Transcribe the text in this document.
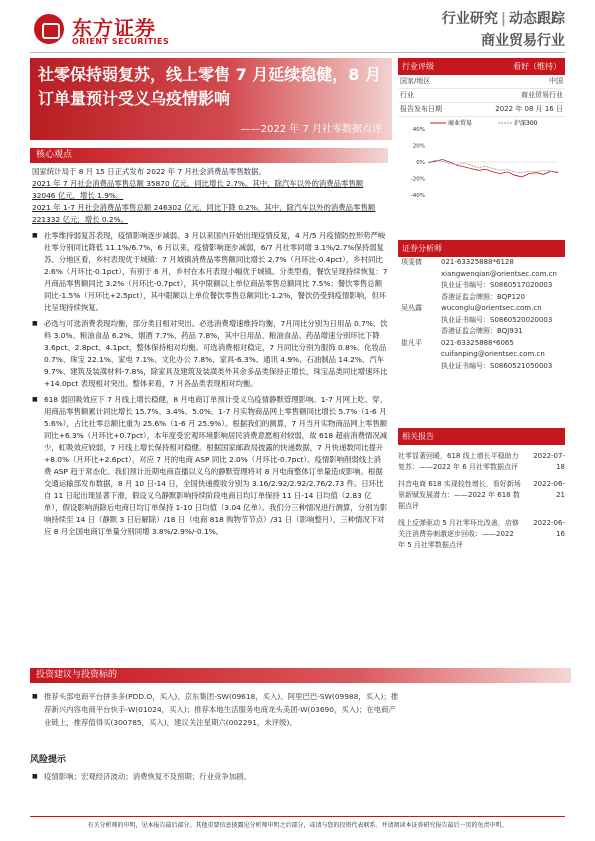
东方证券
ORIENT SECURITIES
行业研究 | 动态跟踪
商业贸易行业
社零保持弱复苏，线上零售 7 月延续稳健，8 月订单量预计受义乌疫情影响
——2022 年 7 月社零数据点评
行业评级	看好（维持）
国家/地区	中国
行业	商业贸易行业
报告发布日期	2022 年 08 月 16 日
商业贸易	沪深300
40%
20%
0%
-20%
-40%
核心观点

国家统计局于 8 月 15 日正式发布 2022 年 7 月社会消费品零售数据。

2021 年 7 月社会消费品零售总额 35870 亿元，同比增长 2.7%。其中，除汽车以外的消费品零售额 32046 亿元，增长 1.9%。

2021 年 1-7 月社会消费品零售总额 246302 亿元，同比下降 0.2%。其中，除汽车以外的消费品零售额 221332 亿元，增长 0.2%。

■ 社零维持弱复苏表现，疫情影响逐步减弱。3 月以来国内开始出现疫情反复，4 月/5 月疫情防控形势严峻社零分别同比降低 11.1%/6.7%，6 月以来，疫情影响逐步减弱，6/7 月社零同增 3.1%/2.7%保持弱复苏。分地区看，乡村表现优于城镇：7 月城镇消费品零售额同比增长 2.7%（月环比-0.4pct），乡村同比 2.6%（月环比-0.1pct），有别于 6 月，乡村在本月表现小幅优于城镇。分类型看，餐饮呈现持续恢复：7 月商品零售额同比 3.2%（月环比-0.7pct），其中限额以上单位商品零售总额同比 7.5%；餐饮零售总额同比-1.5%（月环比+2.5pct），其中限额以上单位餐饮零售总额同比-1.2%，餐饮仍受到疫情影响，但环比呈现持续恢复。

■ 必选与可选消费表现均衡，部分类目相对突出。必选消费增速维持均衡，7月同比分别为日用品 0.7%、饮料 3.0%、粮油食品 6.2%、烟酒 7.7%、药品 7.8%，其中日用品、粮油食品、药品增速分别环比下降 3.6pct、2.8pct、4.1pct，整体保持相对均衡。可选消费相对稳定，7 月同比分别为服饰 0.8%、化妆品 0.7%、珠宝 22.1%、家电 7.1%、文化办公 7.8%、家具-6.3%、通讯 4.9%、石油制品 14.2%、汽车 9.7%、建筑及装潢材料-7.8%，除家具及建筑及装潢类外其余多品类保持正增长，珠宝品类同比增速环比+14.0pct 表现相对突出。整体来看，7 月各品类表现相对均衡。

■ 618 弱回吸效应下 7 月线上增长稳健，8 月电商订单预计受义乌疫情静默管理影响。1-7 月网上吃、穿、用商品零售额累计同比增长 15.7%、3.4%、5.0%。1-7 月实物商品网上零售额同比增长 5.7%（1-6 月 5.6%），占比社零总额比重为 25.6%（1-6 月 25.9%）。根据我们的测算，7 月当月实物商品网上零售额同比+6.3%（月环比+0.7pct），本年度受宏观环境影响居民消费意愿相对较弱，故 618 超前消费情况减少，虹吸效应较弱，7 月线上增长保持相对稳健。根据国家邮政局披露的快递数据，7 月快递数同比提升+8.0%（月环比+2.6pct），对应 7 月的电商 ASP 同比 2.0%（月环比-0.7pct）。疫情影响削弱线上消费 ASP 趋于常态化。我们预计近期电商直播以义乌的静默管理将对 8 月电商整体订单量造成影响。根据交通运输部发布数据，8 月 10 日-14 日，全国快递揽收分别为 3.16/2.92/2.92/2.76/2.73 件。日环比自 11 日起出现显著下滑，假设义乌静默影响持续阶段电商日均订单保持 11 日-14 日均值（2.83 亿单），假设影响消除后电商日均订单保持 1-10 日均值（3.04 亿单）。我们分三种情况进行测算，分别为影响持续至 14 日（静默 3 日后解除）/18 日（电商 818 购物节节点）/31 日（影响整月），三种情况下对应 8 月全国电商订单量分别同增 3.8%/2.9%/-0.1%。

证券分析师
项雯倩	021-63325888*6128
xiangwenqian@orientsec.com.cn
执业证书编号：S0860517020003
香港证监会牌照：BQP120
吴丛露	wuconglu@orientsec.com.cn
执业证书编号：S0860520020003
香港证监会牌照：BQJ931
崔凡平	021-63325888*6065
cuifanping@orientsec.com.cn
执业证书编号：S0860521050003
相关报告
社零显著回暖，618 线上增长平稳助力复苏：——2022 年 6 月社零数据点评
2022-07-18
抖音电商 618 实现较性增长，看好新场景新赋发展潜力：——2022 年 618 数据点评
2022-06-21
线上反弹驱动 5 月社零环比改善，店修关注消费券刺激逐步回收：——2022 年 5 月社零数据点评
2022-06-16
投资建议与投资标的
■ 推荐头部电商平台拼多多(PDD.O，买入)、京东集团-SW(09618，买入)、阿里巴巴-SW(09988，买入)；推荐新兴内容电商平台快手-W(01024，买入)；推荐本地生活服务电商龙头美团-W(03690，买入)；在电商产业链上，推荐值得买(300785，买入)，建议关注星期六(002291，未评级)。
风险提示
■ 疫情影响；宏观经济波动；消费恢复不及预期；行业竞争加剧。
有关分析师的申明，见本报告最后部分。其他重要信息披露见分析师申明之后部分，或请与您的投资代表联系。并请阅读本证券研究报告最后一页的免责申明。
